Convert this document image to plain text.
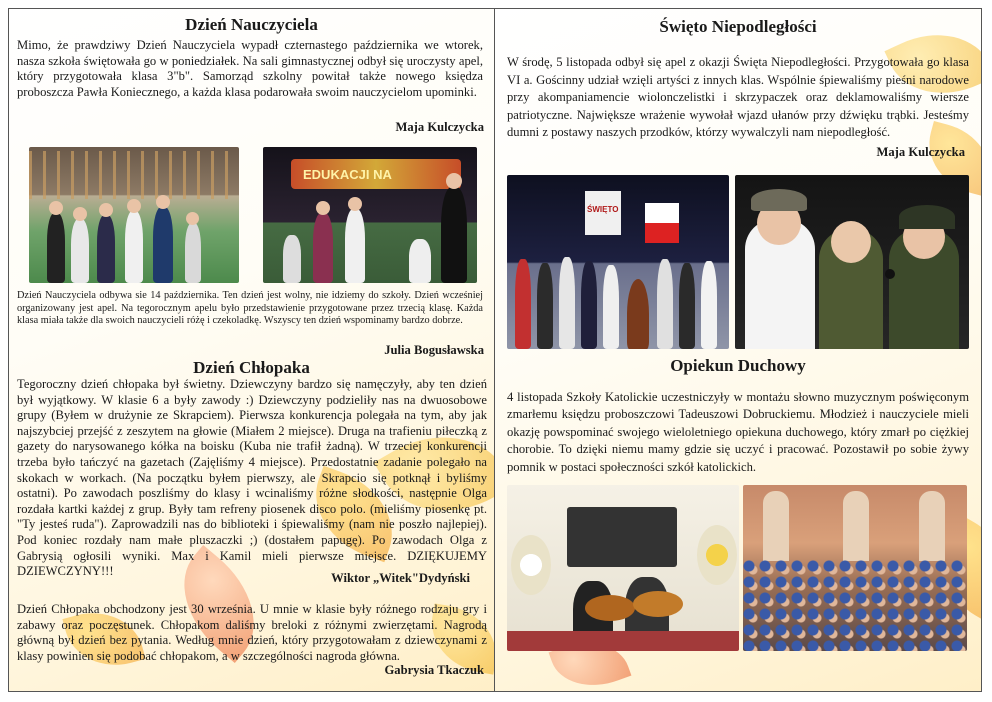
Dzień Nauczyciela

Mimo, że prawdziwy Dzień Nauczyciela wypadł czternastego października we wtorek, nasza szkoła świętowała go w poniedziałek. Na sali gimnastycznej odbył się uroczysty apel, który przygotowała klasa 3"b". Samorząd szkolny powitał także nowego księdza proboszcza Pawła Koniecznego, a każda klasa podarowała swoim nauczycielom upominki.

Maja Kulczycka
EDUKACJI NA

Dzień Nauczyciela odbywa sie 14 października. Ten dzień jest wolny, nie idziemy do szkoły. Dzień wcześniej organizowany jest apel. Na tegorocznym apelu było przedstawienie przygotowane przez trzecią klasę. Każda klasa miała także dla swoich nauczycieli różę i czekoladkę. Wszyscy ten dzień wspominamy bardzo dobrze.

Julia Bogusławska
Dzień Chłopaka

Tegoroczny dzień chłopaka był świetny. Dziewczyny bardzo się namęczyły, aby ten dzień był wyjątkowy. W klasie 6 a były zawody :) Dziewczyny podzieliły nas na dwuosobowe grupy (Byłem w drużynie ze Skrapciem). Pierwsza konkurencja polegała na tym, aby jak najszybciej przejść z zeszytem na głowie (Miałem 2 miejsce). Druga na trafieniu piłeczką z gazety do narysowanego kółka na boisku (Kuba nie trafił żadną). W trzeciej konkurencji trzeba było tańczyć na gazetach (Zajęliśmy 4 miejsce). Przedostatnie zadanie polegało na skokach w workach. (Na początku byłem pierwszy, ale Skrapcio się potknął i byliśmy ostatni). Po zawodach poszliśmy do klasy i wcinaliśmy różne słodkości, następnie Olga rozdała kartki każdej z grup. Były tam refreny piosenek disco polo. (mieliśmy piosenkę pt. "Ty jesteś ruda"). Zaprowadzili nas do biblioteki i śpiewaliśmy (nam nie poszło najlepiej). Pod koniec rozdały nam małe pluszaczki ;) (dostałem papugę). Po zawodach Olga z Gabrysią ogłosili wyniki. Max i Kamil mieli pierwsze miejsce. DZIĘKUJEMY DZIEWCZYNY!!!	Wiktor „Witek"Dydyński

Dzień Chłopaka obchodzony jest 30 września. U mnie w klasie były różnego rodzaju gry i zabawy oraz poczęstunek. Chłopakom daliśmy breloki z różnymi zwierzętami. Nagrodą główną był dzień bez pytania. Według mnie dzień, który przygotowałam z dziewczynami z klasy powinien się podobać chłopakom, a w szczególności nagroda główna.

Gabrysia Tkaczuk
Święto Niepodległości

W środę, 5 listopada odbył się apel z okazji Święta Niepodległości. Przygotowała go klasa VI a. Gościnny udział wzięli artyści z innych klas. Wspólnie śpiewaliśmy pieśni narodowe przy akompaniamencie wiolonczelistki i skrzypaczek oraz deklamowaliśmy wiersze patriotyczne. Największe wrażenie wywołał wjazd ułanów przy dźwięku trąbki. Jesteśmy dumni z postawy naszych przodków, którzy wywalczyli nam niepodległość.

Maja Kulczycka
ŚWIĘTO
Opiekun Duchowy

4 listopada Szkoły Katolickie uczestniczyły w montażu słowno muzycznym poświęconym zmarłemu księdzu proboszczowi Tadeuszowi Dobruckiemu. Młodzież i nauczyciele mieli okazję powspominać swojego wieloletniego opiekuna duchowego, który zmarł po ciężkiej chorobie. To dzięki niemu mamy gdzie się uczyć i pracować. Pozostawił po sobie żywy pomnik w postaci społeczności szkół katolickich.
